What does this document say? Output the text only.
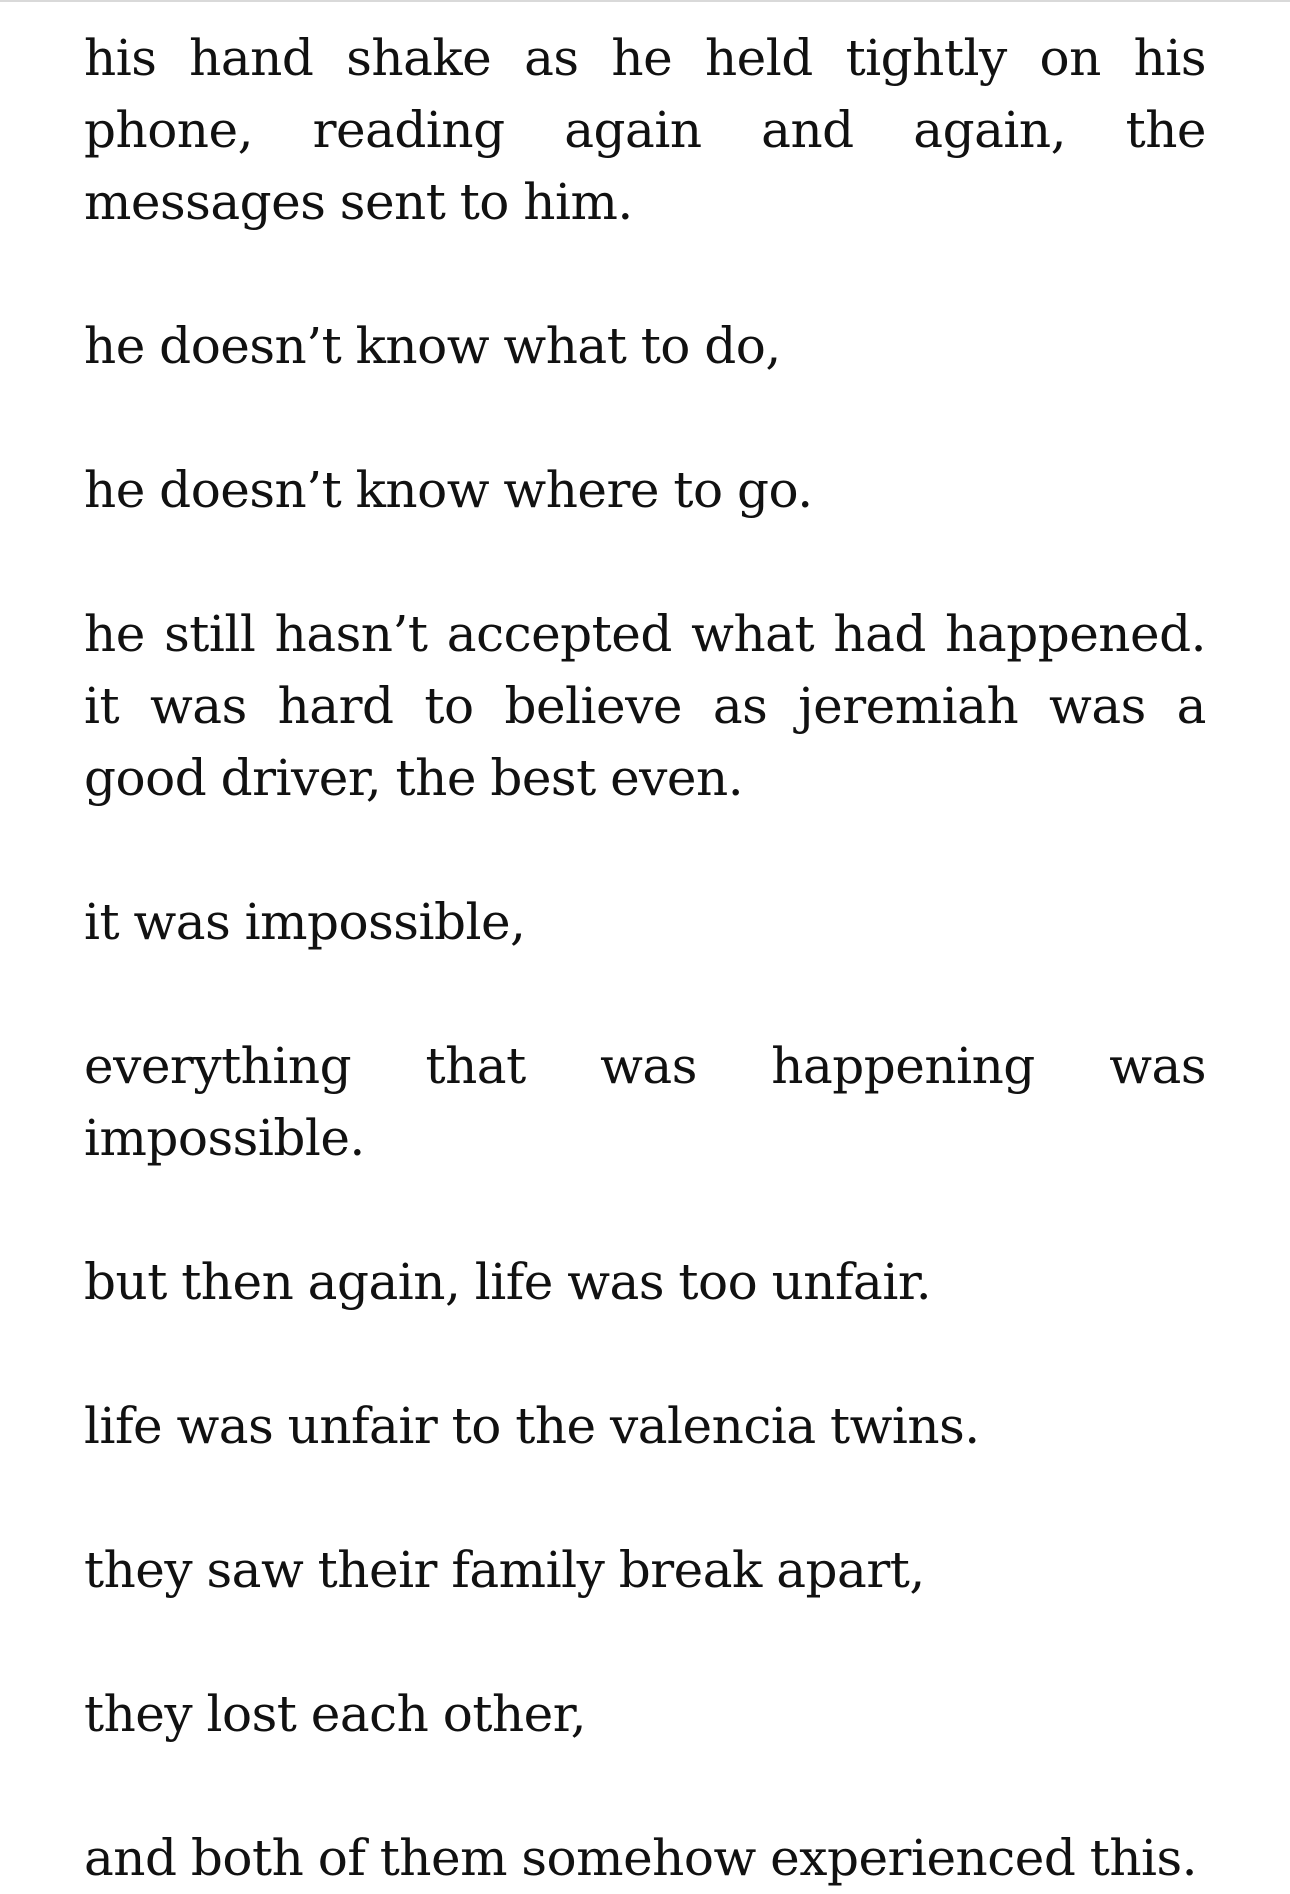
his hand shake as he held tightly on his phone, reading again and again, the messages sent to him.

he doesn’t know what to do,

he doesn’t know where to go.

he still hasn’t accepted what had happened. it was hard to believe as jeremiah was a good driver, the best even.

it was impossible,

everything that was happening was impossible.

but then again, life was too unfair.

life was unfair to the valencia twins.

they saw their family break apart,

they lost each other,

and both of them somehow experienced this.
